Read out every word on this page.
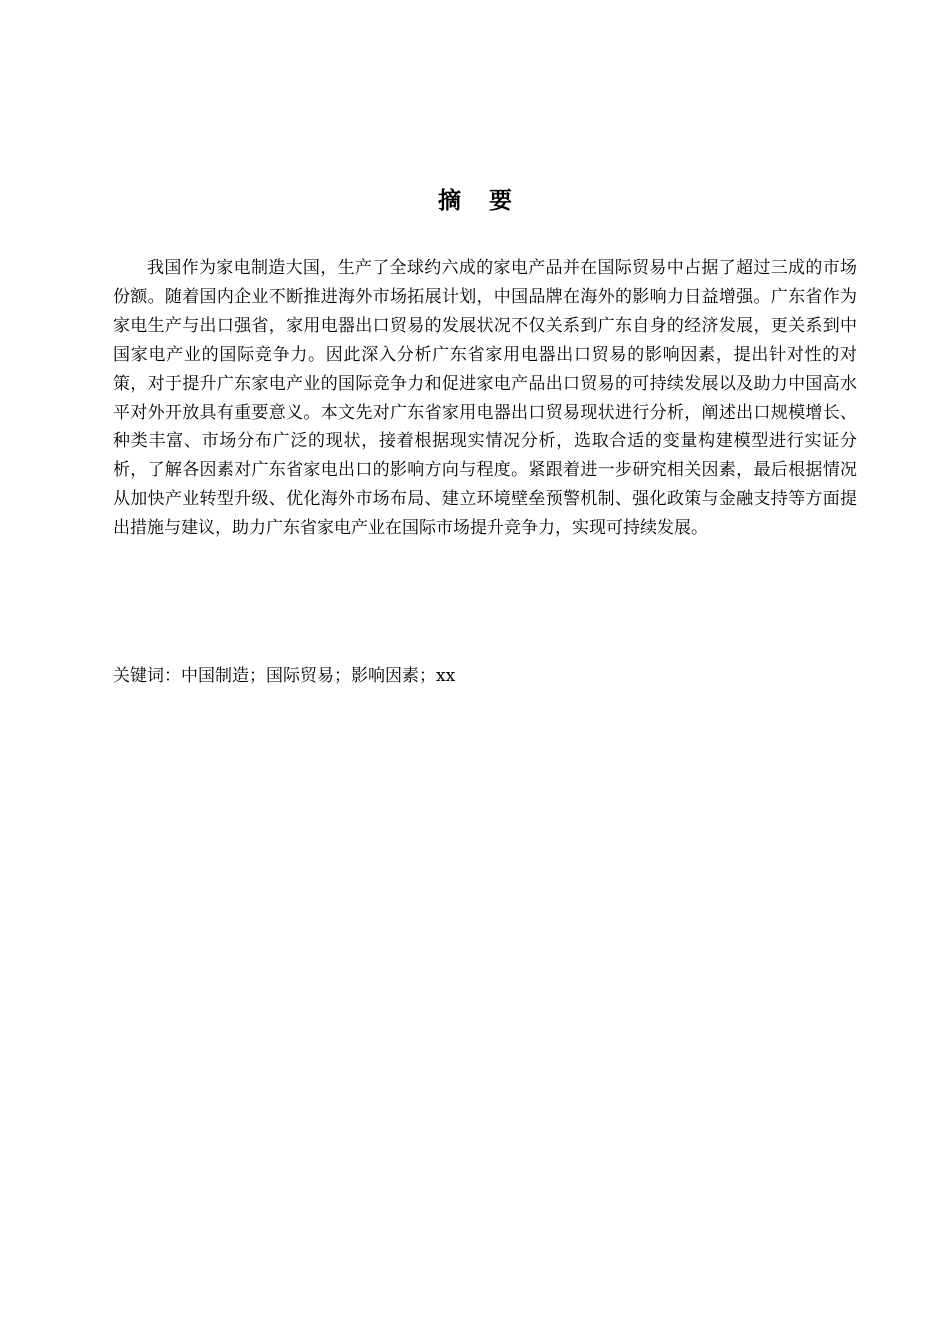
摘 要

我国作为家电制造大国，生产了全球约六成的家电产品并在国际贸易中占据了超过三成的市场份额。随着国内企业不断推进海外市场拓展计划，中国品牌在海外的影响力日益增强。广东省作为家电生产与出口强省，家用电器出口贸易的发展状况不仅关系到广东自身的经济发展，更关系到中国家电产业的国际竞争力。因此深入分析广东省家用电器出口贸易的影响因素，提出针对性的对策，对于提升广东家电产业的国际竞争力和促进家电产品出口贸易的可持续发展以及助力中国高水平对外开放具有重要意义。本文先对广东省家用电器出口贸易现状进行分析，阐述出口规模增长、种类丰富、市场分布广泛的现状，接着根据现实情况分析，选取合适的变量构建模型进行实证分析，了解各因素对广东省家电出口的影响方向与程度。紧跟着进一步研究相关因素，最后根据情况从加快产业转型升级、优化海外市场布局、建立环境壁垒预警机制、强化政策与金融支持等方面提出措施与建议，助力广东省家电产业在国际市场提升竞争力，实现可持续发展。

关键词：中国制造；国际贸易；影响因素；xx
